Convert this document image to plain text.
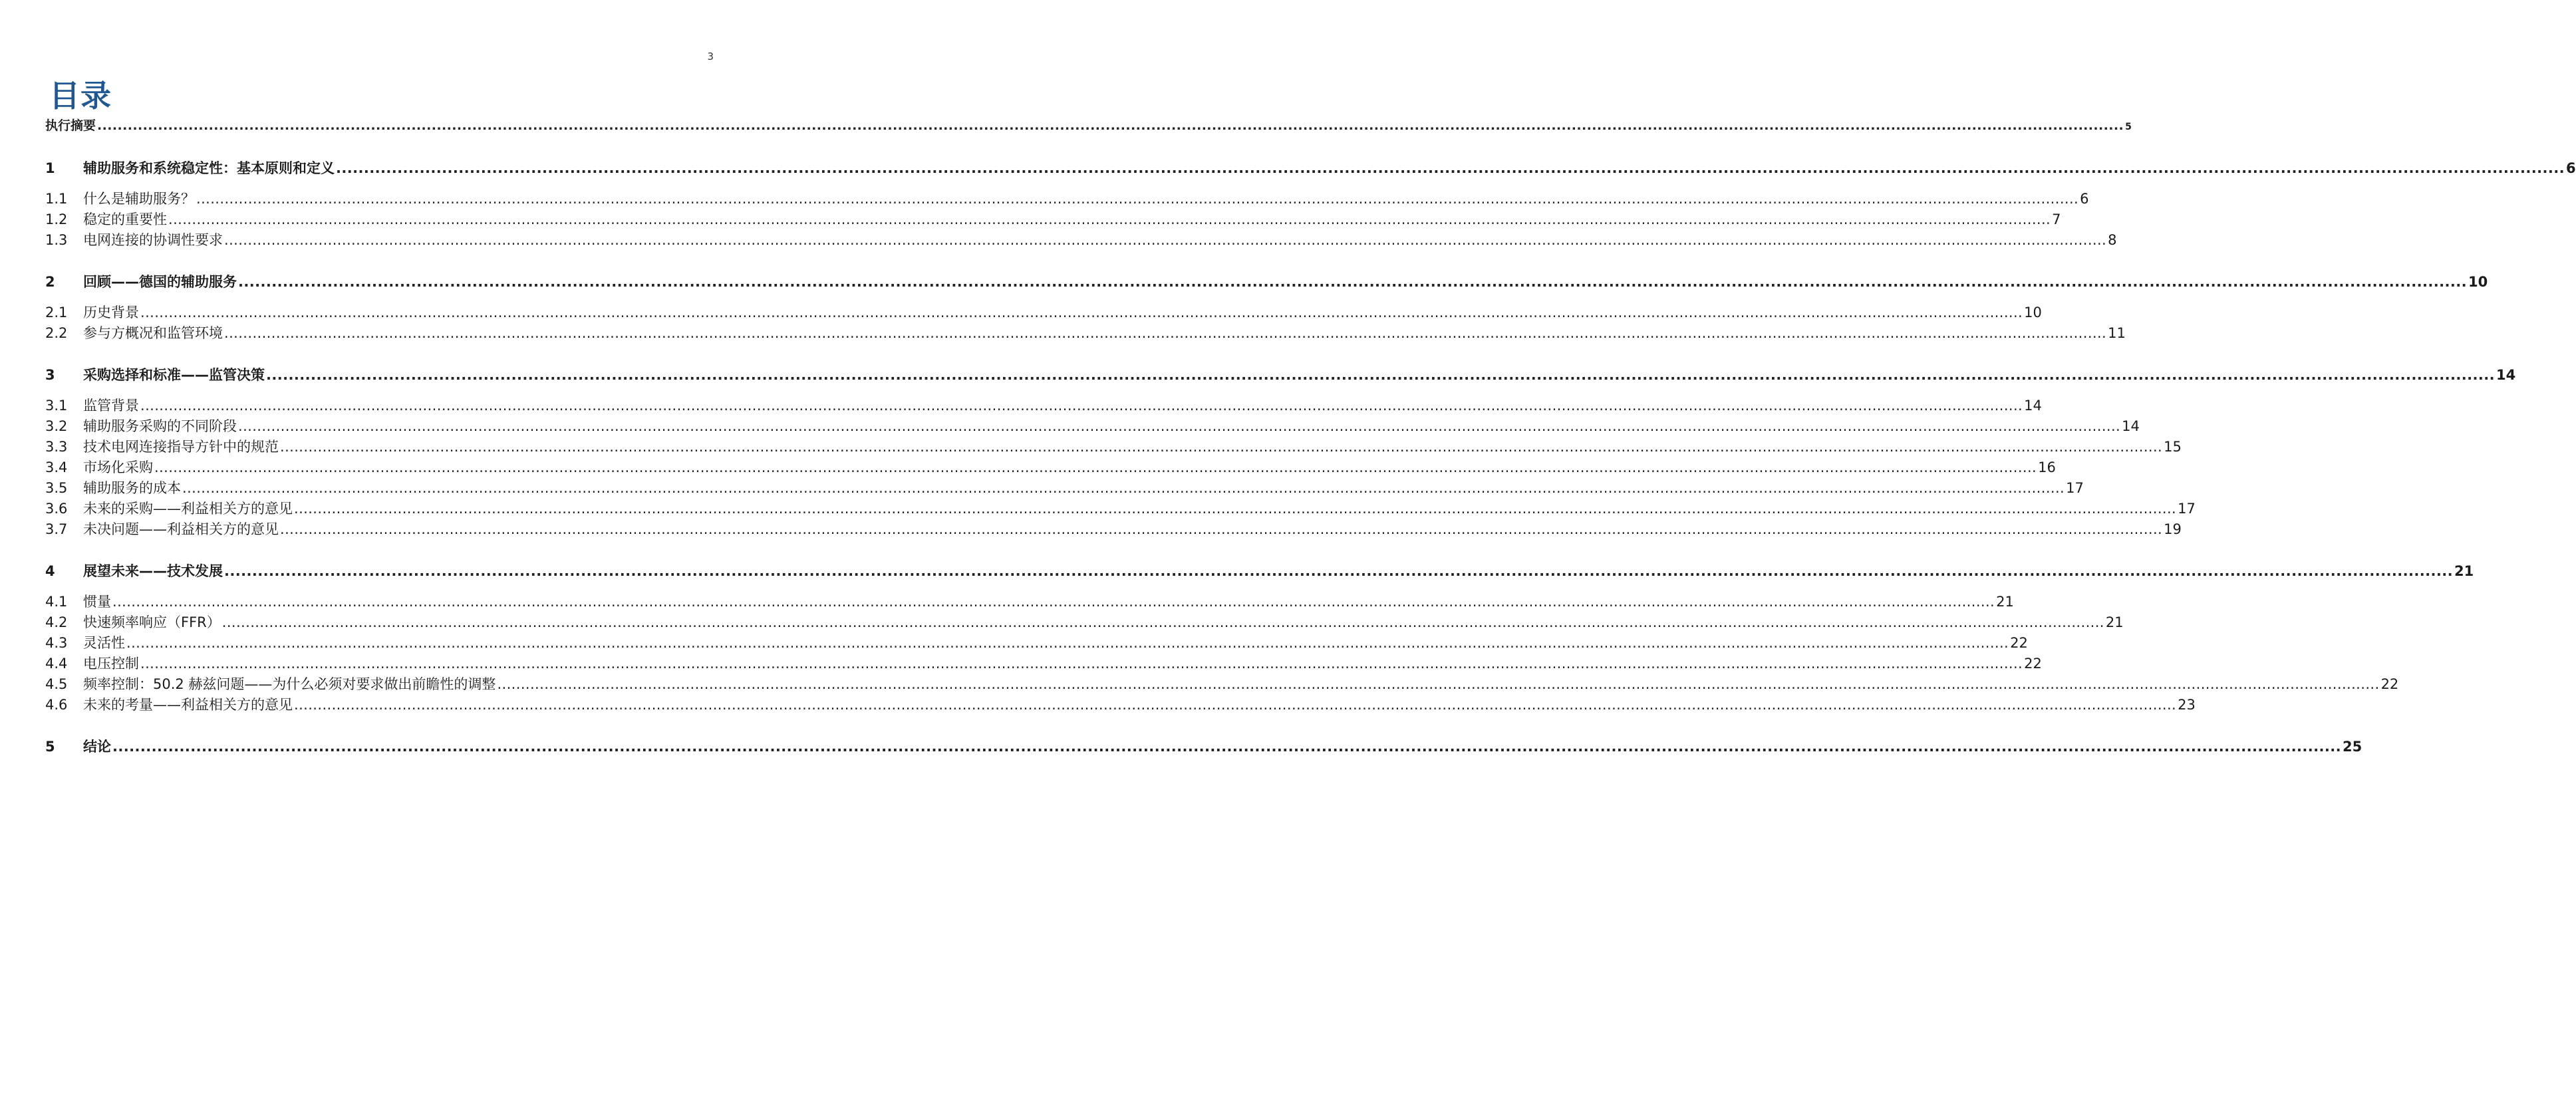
3
目录
执行摘要 ................................................................................................................................................................................................................................................................................................................................................................................................................ 5
1	辅助服务和系统稳定性：基本原则和定义 ................................................................................................................................................................................................................................................................................................................................................................................................................ 6
1.1	什么是辅助服务？ ................................................................................................................................................................................................................................................................................................................................................................................................................ 6
1.2	稳定的重要性 ................................................................................................................................................................................................................................................................................................................................................................................................................ 7
1.3	电网连接的协调性要求 ................................................................................................................................................................................................................................................................................................................................................................................................................ 8
2	回顾——德国的辅助服务 ................................................................................................................................................................................................................................................................................................................................................................................................................ 10
2.1	历史背景 ................................................................................................................................................................................................................................................................................................................................................................................................................ 10
2.2	参与方概况和监管环境 ................................................................................................................................................................................................................................................................................................................................................................................................................ 11
3	采购选择和标准——监管决策 ................................................................................................................................................................................................................................................................................................................................................................................................................ 14
3.1	监管背景 ................................................................................................................................................................................................................................................................................................................................................................................................................ 14
3.2	辅助服务采购的不同阶段 ................................................................................................................................................................................................................................................................................................................................................................................................................ 14
3.3	技术电网连接指导方针中的规范 ................................................................................................................................................................................................................................................................................................................................................................................................................ 15
3.4	市场化采购 ................................................................................................................................................................................................................................................................................................................................................................................................................ 16
3.5	辅助服务的成本 ................................................................................................................................................................................................................................................................................................................................................................................................................ 17
3.6	未来的采购——利益相关方的意见 ................................................................................................................................................................................................................................................................................................................................................................................................................ 17
3.7	未决问题——利益相关方的意见 ................................................................................................................................................................................................................................................................................................................................................................................................................ 19
4	展望未来——技术发展 ................................................................................................................................................................................................................................................................................................................................................................................................................ 21
4.1	惯量 ................................................................................................................................................................................................................................................................................................................................................................................................................ 21
4.2	快速频率响应（FFR） ................................................................................................................................................................................................................................................................................................................................................................................................................ 21
4.3	灵活性 ................................................................................................................................................................................................................................................................................................................................................................................................................ 22
4.4	电压控制 ................................................................................................................................................................................................................................................................................................................................................................................................................ 22
4.5	频率控制：50.2 赫兹问题——为什么必须对要求做出前瞻性的调整 ................................................................................................................................................................................................................................................................................................................................................................................................................ 22
4.6	未来的考量——利益相关方的意见 ................................................................................................................................................................................................................................................................................................................................................................................................................ 23
5	结论 ................................................................................................................................................................................................................................................................................................................................................................................................................ 25
